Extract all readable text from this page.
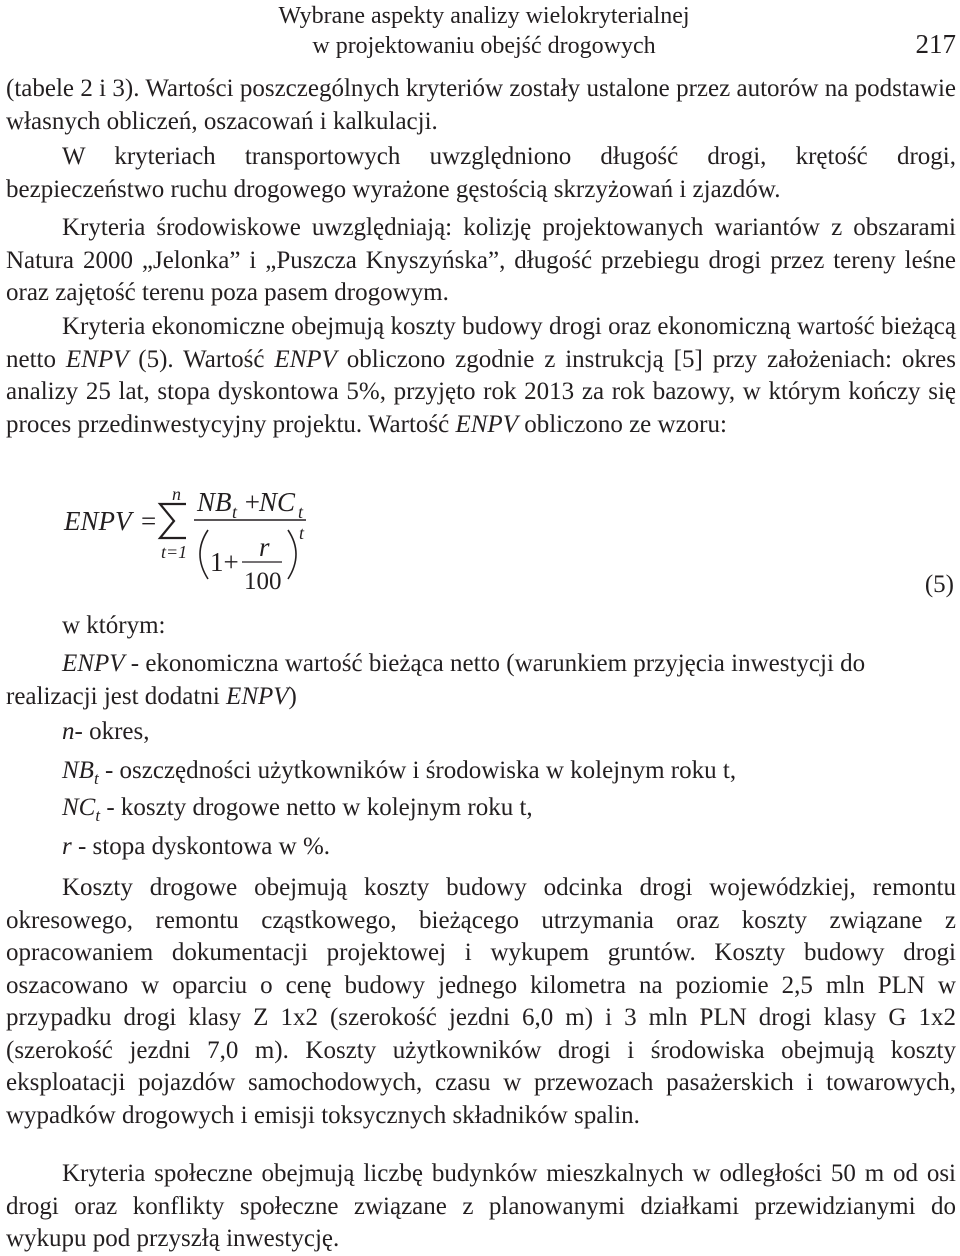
Wybrane aspekty analizy wielokryterialnej
w projektowaniu obejść drogowych	217

(tabele 2 i 3). Wartości poszczególnych kryteriów zostały ustalone przez autorów na podstawie własnych obliczeń, oszacowań i kalkulacji.

W kryteriach transportowych uwzględniono długość drogi, krętość drogi, bezpieczeństwo ruchu drogowego wyrażone gęstością skrzyżowań i zjazdów.

Kryteria środowiskowe uwzględniają: kolizję projektowanych wariantów z obszarami Natura 2000 „Jelonka” i „Puszcza Knyszyńska”, długość przebiegu drogi przez tereny leśne oraz zajętość terenu poza pasem drogowym.

Kryteria ekonomiczne obejmują koszty budowy drogi oraz ekonomiczną wartość bieżącą netto ENPV (5). Wartość ENPV obliczono zgodnie z instrukcją [5] przy założeniach: okres analizy 25 lat, stopa dyskontowa 5%, przyjęto rok 2013 za rok bazowy, w którym kończy się proces przedinwestycyjny projektu. Wartość ENPV obliczono ze wzoru:

ENPV =
n
t=1
NB t +
NC t
1+ r
100
t
(5)
w którym:

ENPV - ekonomiczna wartość bieżąca netto (warunkiem przyjęcia inwestycji do realizacji jest dodatni ENPV)

n- okres,

$NB_t$ - oszczędności użytkowników i środowiska w kolejnym roku t,

$NC_t$ - koszty drogowe netto w kolejnym roku t,

r - stopa dyskontowa w %.

Koszty drogowe obejmują koszty budowy odcinka drogi wojewódzkiej, remontu okresowego, remontu cząstkowego, bieżącego utrzymania oraz koszty związane z opracowaniem dokumentacji projektowej i wykupem gruntów. Koszty budowy drogi oszacowano w oparciu o cenę budowy jednego kilometra na poziomie 2,5 mln PLN w przypadku drogi klasy Z 1x2 (szerokość jezdni 6,0 m) i 3 mln PLN drogi klasy G 1x2 (szerokość jezdni 7,0 m). Koszty użytkowników drogi i środowiska obejmują koszty eksploatacji pojazdów samochodowych, czasu w przewozach pasażerskich i towarowych, wypadków drogowych i emisji toksycznych składników spalin.

Kryteria społeczne obejmują liczbę budynków mieszkalnych w odległości 50 m od osi drogi oraz konflikty społeczne związane z planowanymi działkami przewidzianymi do wykupu pod przyszłą inwestycję.
